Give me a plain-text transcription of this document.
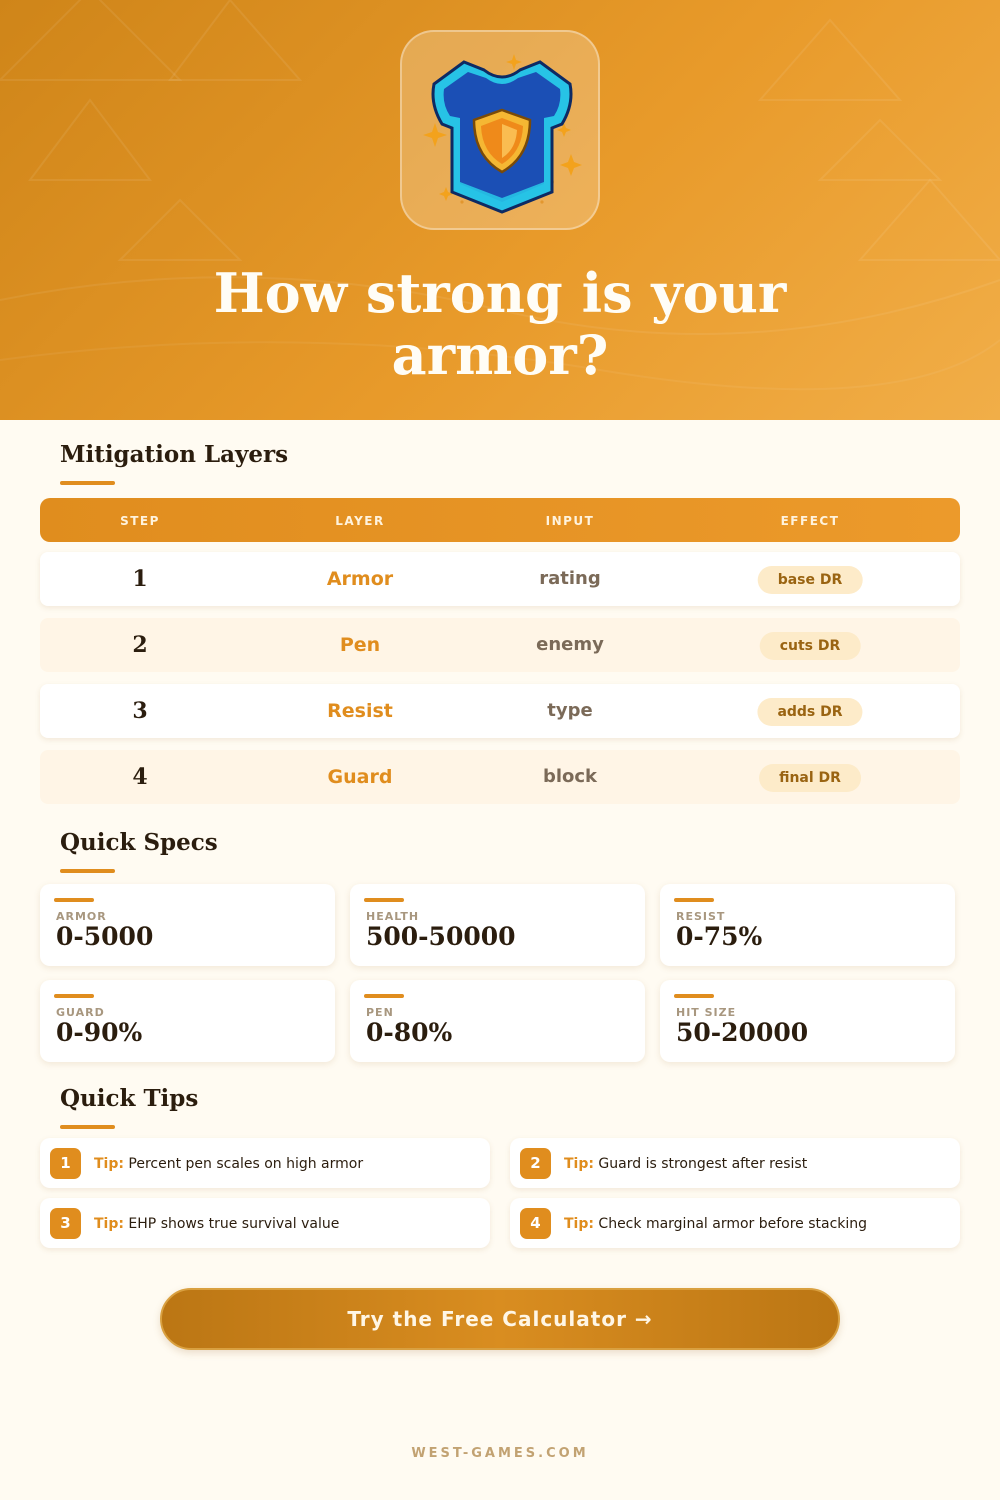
How strong is your armor?
Mitigation Layers
STEP	LAYER	INPUT	EFFECT
1	Armor	rating	base DR
2	Pen	enemy	cuts DR
3	Resist	type	adds DR
4	Guard	block	final DR
Quick Specs
ARMOR
0-5000
HEALTH
500-50000
RESIST
0-75%
GUARD
0-90%
PEN
0-80%
HIT SIZE
50-20000
Quick Tips
1	Tip: Percent pen scales on high armor	2	Tip: Guard is strongest after resist
3	Tip: EHP shows true survival value	4	Tip: Check marginal armor before stacking
Try the Free Calculator →
WEST-GAMES.COM
